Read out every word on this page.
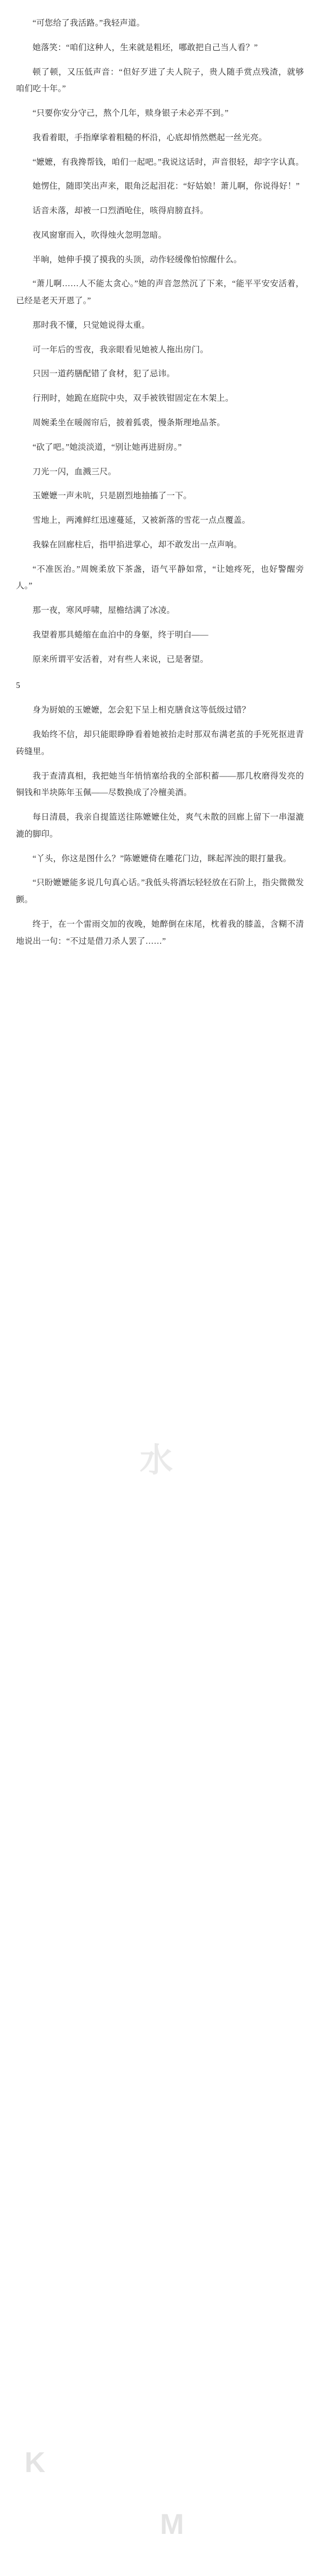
“可您给了我活路。”我轻声道。

她落笑：“咱们这种人，生来就是粗坯，哪敢把自己当人看？”

顿了顿，又压低声音：“但好歹进了夫人院子，贵人随手赏点残渣，就够咱们吃十年。”

“只要你安分守己，熬个几年，赎身银子未必弄不到。”

我看着眼，手指摩挲着粗糙的杯沿，心底却悄然燃起一丝光亮。

“嬷嬷，有我搀帮钱，咱们一起吧。”我说这话时，声音很轻，却字字认真。

她愣住，随即笑出声来，眼角泛起泪花：“好姑娘！萧儿啊，你说得好！”

话音未落，却被一口烈酒呛住，咳得肩膀直抖。

夜风窗窜而入，吹得烛火忽明忽暗。

半晌，她伸手摸了摸我的头顶，动作轻缓像怕惊醒什么。

“萧儿啊……人不能太贪心。”她的声音忽然沉了下来，“能平平安安活着，已经是老天开恩了。”

那时我不懂，只觉她说得太重。

可一年后的雪夜，我亲眼看见她被人拖出房门。

只因一道药膳配错了食材，犯了忌讳。

行刑时，她跪在庭院中央，双手被铁钳固定在木架上。

周婉柔坐在暖阁帘后，披着狐裘，慢条斯理地品茶。

“砍了吧。”她淡淡道，“别让她再进厨房。”

刀光一闪，血溅三尺。

玉嬷嬷一声未吭，只是剧烈地抽搐了一下。

雪地上，两滩鲜红迅速蔓延，又被新落的雪花一点点覆盖。

我躲在回廊柱后，指甲掐进掌心，却不敢发出一点声响。

“不准医治。”周婉柔放下茶盏，语气平静如常，“让她疼死，也好警醒旁人。”

那一夜，寒风呼啸，屋檐结满了冰凌。

我望着那具蜷缩在血泊中的身躯，终于明白——

原来所谓平安活着，对有些人来说，已是奢望。

5

身为厨娘的玉嬷嬷，怎会犯下呈上相克膳食这等低级过错？

我始终不信，却只能眼睁睁看着她被抬走时那双布满老茧的手死死抠进青砖缝里。

我于查清真相，我把她当年悄悄塞给我的全部积蓄——那几枚磨得发亮的铜钱和半块陈年玉佩——尽数换成了冷檀美酒。

每日清晨，我亲自提篮送往陈嬷嬷住处，爽气未散的回廊上留下一串湿漉漉的脚印。

“丫头，你这是图什么？”陈嬷嬷倚在雕花门边，眯起浑浊的眼打量我。

“只盼嬷嬷能多说几句真心话。”我低头将酒坛轻轻放在石阶上，指尖微微发颤。

终于，在一个雷雨交加的夜晚，她醉倒在床尾，枕着我的膝盖，含糊不清地说出一句：“不过是借刀杀人罢了……”

水
K
M
